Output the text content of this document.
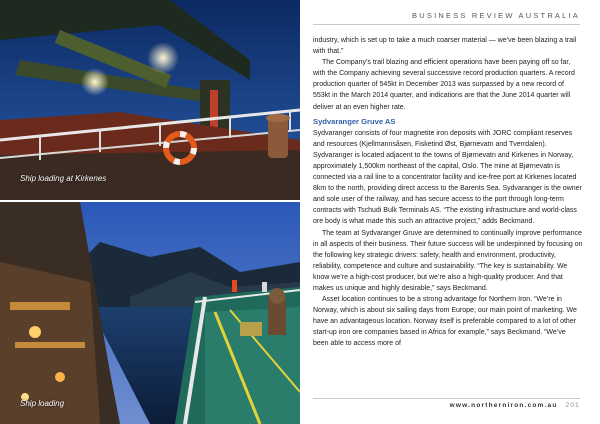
Ship loading at Kirkenes
Ship loading
BUSINESS REVIEW AUSTRALIA

industry, which is set up to take a much coarser material — we’ve been blazing a trail with that.”

The Company’s trail blazing and efficient operations have been paying off so far, with the Company achieving several successive record production quarters. A record production quarter of 545kt in December 2013 was surpassed by a new record of 553kt in the March 2014 quarter, and indications are that the June 2014 quarter will deliver at an even higher rate.

Sydvaranger Gruve AS

Sydvaranger consists of four magnetite iron deposits with JORC compliant reserves and resources (Kjellmannsåsen, Fisketind Øst, Bjørnevatn and Tverrdalen). Sydvaranger is located adjacent to the towns of Bjørnevatn and Kirkenes in Norway, approximately 1,500km northeast of the capital, Oslo. The mine at Bjørnevatn is connected via a rail line to a concentrator facility and ice-free port at Kirkenes located 8km to the north, providing direct access to the Barents Sea. Sydvaranger is the owner and sole user of the railway, and has secure access to the port through long-term contracts with Tschudi Bulk Terminals AS. “The existing infrastructure and world-class ore body is what made this such an attractive project,” adds Beckmand.

The team at Sydvaranger Gruve are determined to continually improve performance in all aspects of their business. Their future success will be underpinned by focusing on the following key strategic drivers: safety, health and environment, productivity, reliability, competence and culture and sustainability. “The key is sustainability. We know we’re a high-cost producer, but we’re also a high-quality producer. And that makes us unique and highly desirable,” says Beckmand.

Asset location continues to be a strong advantage for Northern Iron. “We’re in Norway, which is about six sailing days from Europe; our main point of marketing. We have an advantageous location. Norway itself is preferable compared to a lot of other start-up iron ore companies based in Africa for example,” says Beckmand. “We’ve been able to access more of

www.northerniron.com.au 201
